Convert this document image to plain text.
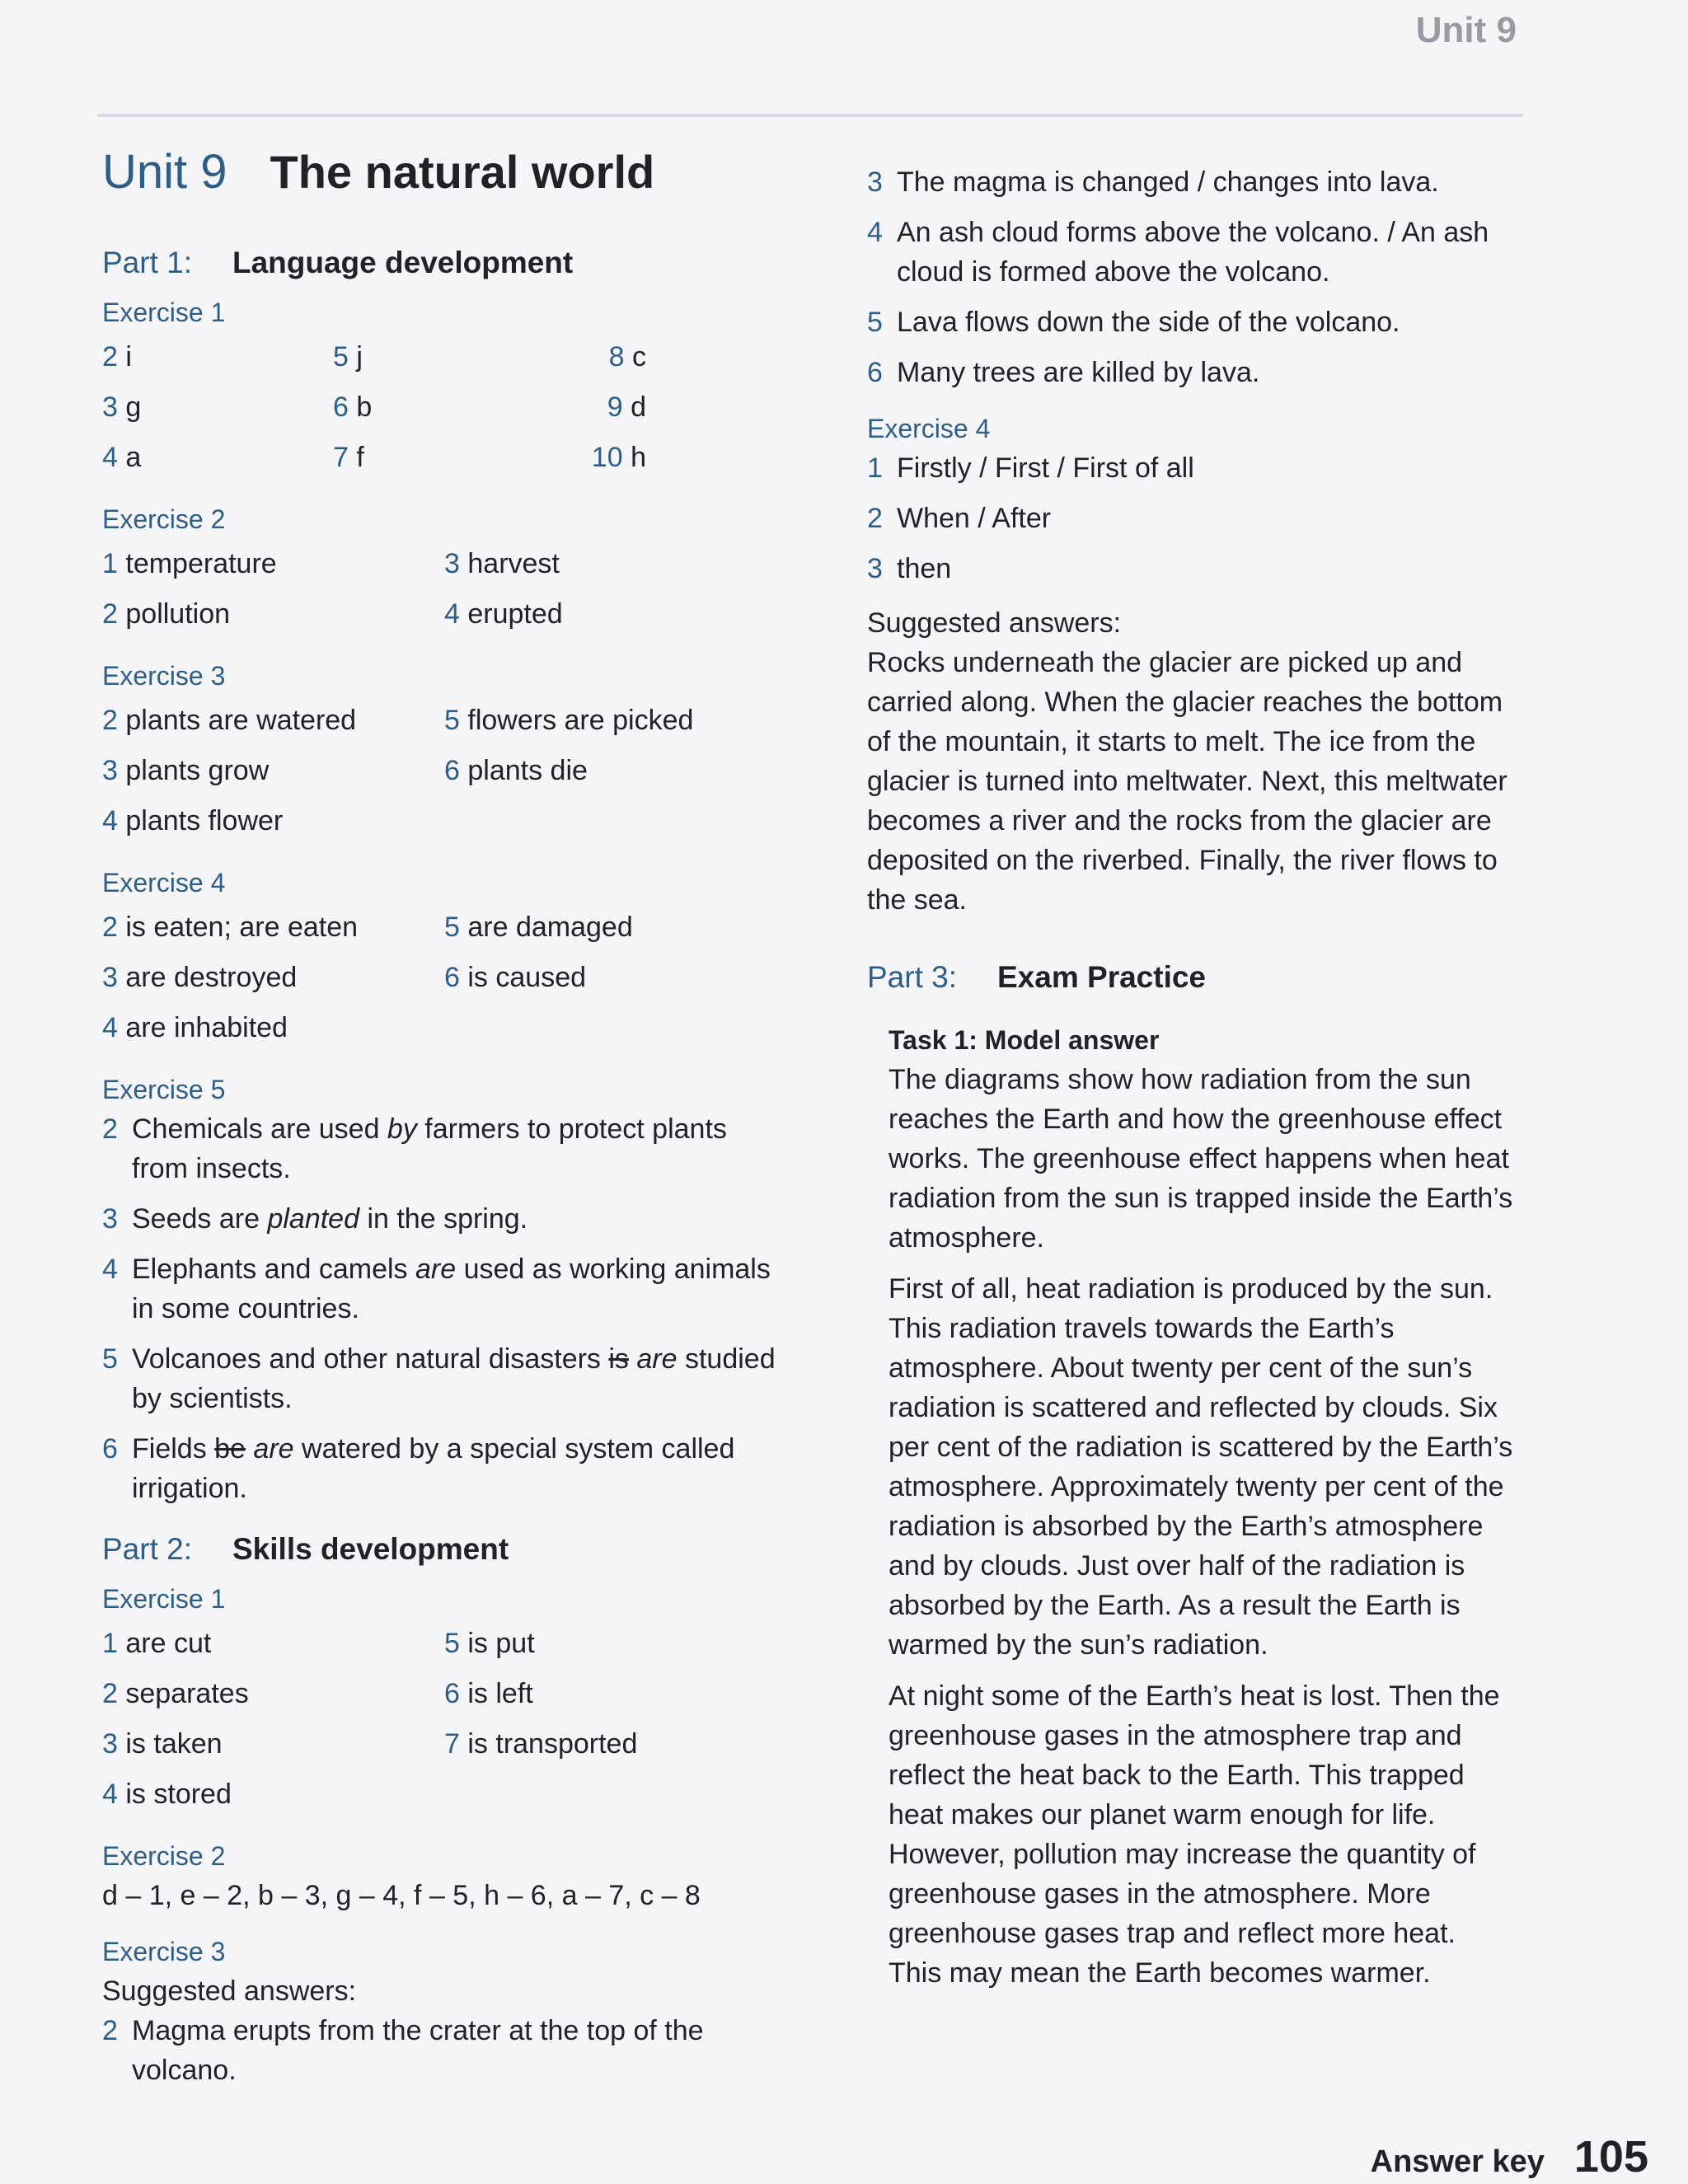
Unit 9
Unit 9 The natural world
Part 1: Language development
Exercise 1
2 i	5 j	8 c
3 g	6 b	9 d
4 a	7 f	10 h
Exercise 2
1 temperature	3 harvest
2 pollution	4 erupted
Exercise 3
2 plants are watered	5 flowers are picked
3 plants grow	6 plants die
4 plants flower
Exercise 4
2 is eaten; are eaten	5 are damaged
3 are destroyed	6 is caused
4 are inhabited
Exercise 5
2 Chemicals are used by farmers to protect plants from insects.
3 Seeds are planted in the spring.
4 Elephants and camels are used as working animals in some countries.
5 Volcanoes and other natural disasters is are studied by scientists.
6 Fields be are watered by a special system called irrigation.
Part 2: Skills development
Exercise 1
1 are cut	5 is put
2 separates	6 is left
3 is taken	7 is transported
4 is stored
Exercise 2
d – 1, e – 2, b – 3, g – 4, f – 5, h – 6, a – 7, c – 8
Exercise 3
Suggested answers:
2 Magma erupts from the crater at the top of the volcano.
3 The magma is changed / changes into lava.
4 An ash cloud forms above the volcano. / An ash cloud is formed above the volcano.
5 Lava flows down the side of the volcano.
6 Many trees are killed by lava.
Exercise 4
1 Firstly / First / First of all
2 When / After
3 then
Suggested answers:
Rocks underneath the glacier are picked up and carried along. When the glacier reaches the bottom of the mountain, it starts to melt. The ice from the glacier is turned into meltwater. Next, this meltwater becomes a river and the rocks from the glacier are deposited on the riverbed. Finally, the river flows to the sea.
Part 3: Exam Practice
Task 1: Model answer
The diagrams show how radiation from the sun reaches the Earth and how the greenhouse effect works. The greenhouse effect happens when heat radiation from the sun is trapped inside the Earth’s atmosphere.
First of all, heat radiation is produced by the sun. This radiation travels towards the Earth’s atmosphere. About twenty per cent of the sun’s radiation is scattered and reflected by clouds. Six per cent of the radiation is scattered by the Earth’s atmosphere. Approximately twenty per cent of the radiation is absorbed by the Earth’s atmosphere and by clouds. Just over half of the radiation is absorbed by the Earth. As a result the Earth is warmed by the sun’s radiation.
At night some of the Earth’s heat is lost. Then the greenhouse gases in the atmosphere trap and reflect the heat back to the Earth. This trapped heat makes our planet warm enough for life. However, pollution may increase the quantity of greenhouse gases in the atmosphere. More greenhouse gases trap and reflect more heat. This may mean the Earth becomes warmer.
Answer key 105
